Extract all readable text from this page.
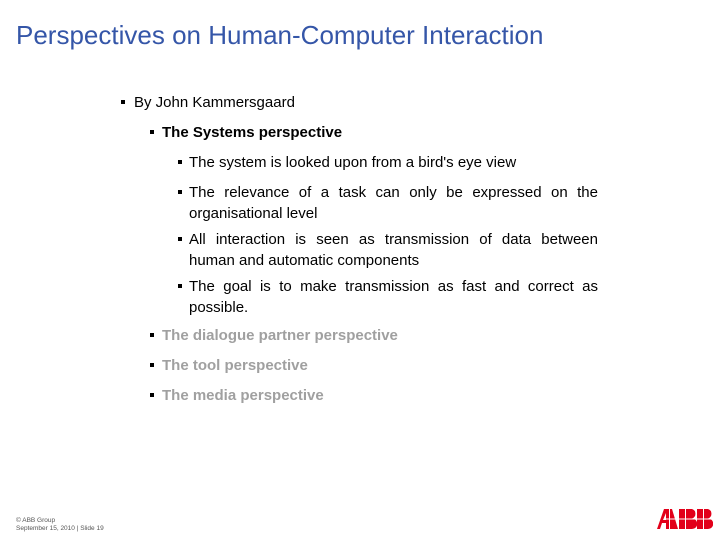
Perspectives on Human-Computer Interaction
By John Kammersgaard
The Systems perspective
The system is looked upon from a bird's eye view
The relevance of a task can only be expressed on the organisational level
All interaction is seen as transmission of data between human and automatic components
The goal is to make transmission as fast and correct as possible.
The dialogue partner perspective
The tool perspective
The media perspective
© ABB Group
September 15, 2010 | Slide 19
